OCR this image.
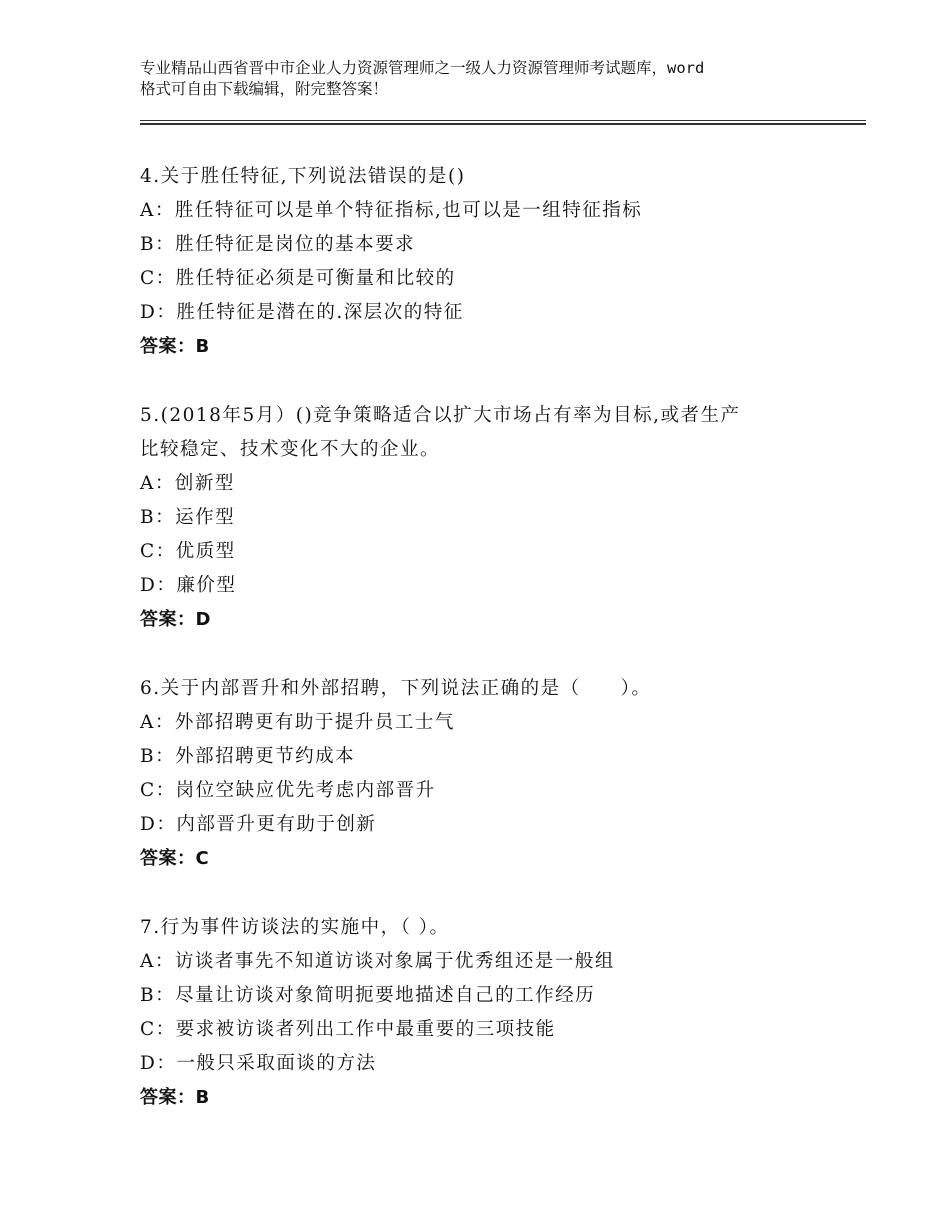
专业精品山西省晋中市企业人力资源管理师之一级人力资源管理师考试题库，word
格式可自由下载编辑，附完整答案！
4.关于胜任特征,下列说法错误的是()
A：胜任特征可以是单个特征指标,也可以是一组特征指标
B：胜任特征是岗位的基本要求
C：胜任特征必须是可衡量和比较的
D：胜任特征是潜在的.深层次的特征
答案：B
5.(2018年5月）()竞争策略适合以扩大市场占有率为目标,或者生产
比较稳定、技术变化不大的企业。
A：创新型
B：运作型
C：优质型
D：廉价型
答案：D
6.关于内部晋升和外部招聘，下列说法正确的是（　　）。
A：外部招聘更有助于提升员工士气
B：外部招聘更节约成本
C：岗位空缺应优先考虑内部晋升
D：内部晋升更有助于创新
答案：C
7.行为事件访谈法的实施中，（ ）。
A：访谈者事先不知道访谈对象属于优秀组还是一般组
B：尽量让访谈对象简明扼要地描述自己的工作经历
C：要求被访谈者列出工作中最重要的三项技能
D：一般只采取面谈的方法
答案：B
